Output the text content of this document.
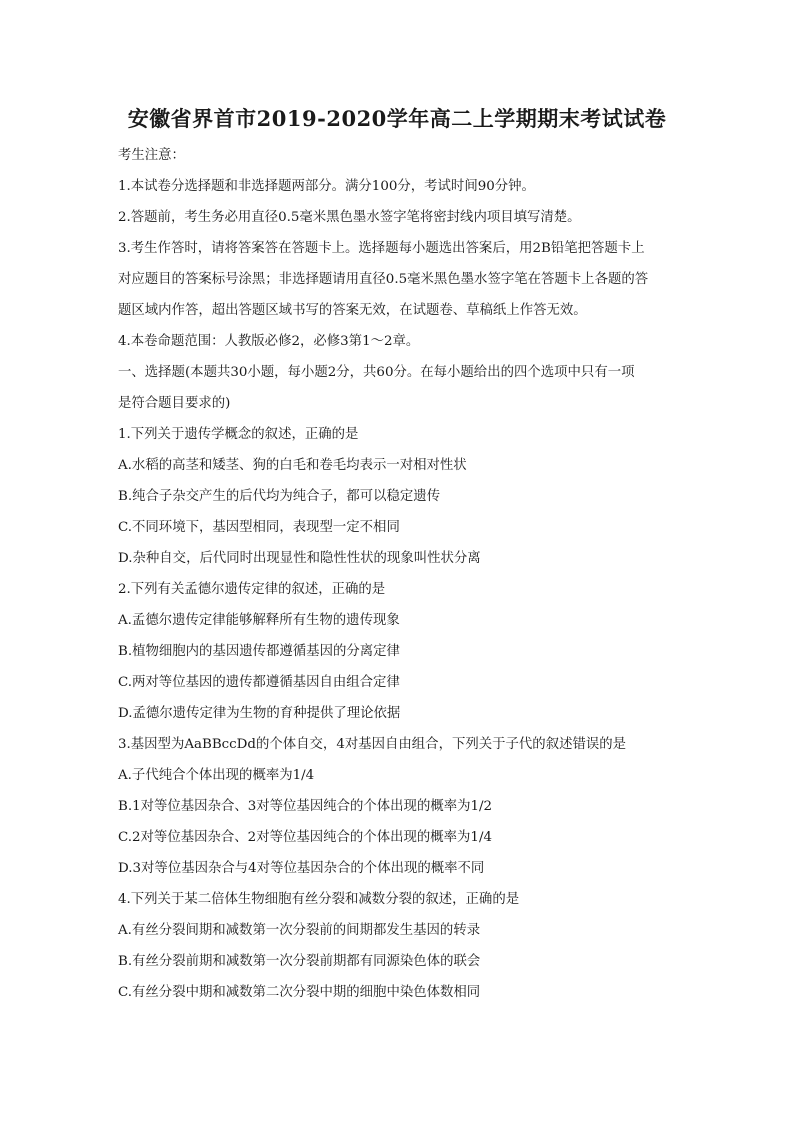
安徽省界首市2019-2020学年高二上学期期末考试试卷

考生注意：

1.本试卷分选择题和非选择题两部分。满分100分，考试时间90分钟。

2.答题前，考生务必用直径0.5毫米黑色墨水签字笔将密封线内项目填写清楚。

3.考生作答时，请将答案答在答题卡上。选择题每小题选出答案后，用2B铅笔把答题卡上

对应题目的答案标号涂黑；非选择题请用直径0.5毫米黑色墨水签字笔在答题卡上各题的答

题区域内作答，超出答题区域书写的答案无效，在试题卷、草稿纸上作答无效。

4.本卷命题范围：人教版必修2，必修3第1～2章。

一、选择题(本题共30小题，每小题2分，共60分。在每小题给出的四个选项中只有一项

是符合题目要求的)

1.下列关于遗传学概念的叙述，正确的是

A.水稻的高茎和矮茎、狗的白毛和卷毛均表示一对相对性状

B.纯合子杂交产生的后代均为纯合子，都可以稳定遗传

C.不同环境下，基因型相同，表现型一定不相同

D.杂种自交，后代同时出现显性和隐性性状的现象叫性状分离

2.下列有关孟德尔遗传定律的叙述，正确的是

A.孟德尔遗传定律能够解释所有生物的遗传现象

B.植物细胞内的基因遗传都遵循基因的分离定律

C.两对等位基因的遗传都遵循基因自由组合定律

D.孟德尔遗传定律为生物的育种提供了理论依据

3.基因型为AaBBccDd的个体自交，4对基因自由组合，下列关于子代的叙述错误的是

A.子代纯合个体出现的概率为1/4

B.1对等位基因杂合、3对等位基因纯合的个体出现的概率为1/2

C.2对等位基因杂合、2对等位基因纯合的个体出现的概率为1/4

D.3对等位基因杂合与4对等位基因杂合的个体出现的概率不同

4.下列关于某二倍体生物细胞有丝分裂和减数分裂的叙述，正确的是

A.有丝分裂间期和减数第一次分裂前的间期都发生基因的转录

B.有丝分裂前期和减数第一次分裂前期都有同源染色体的联会

C.有丝分裂中期和减数第二次分裂中期的细胞中染色体数相同
